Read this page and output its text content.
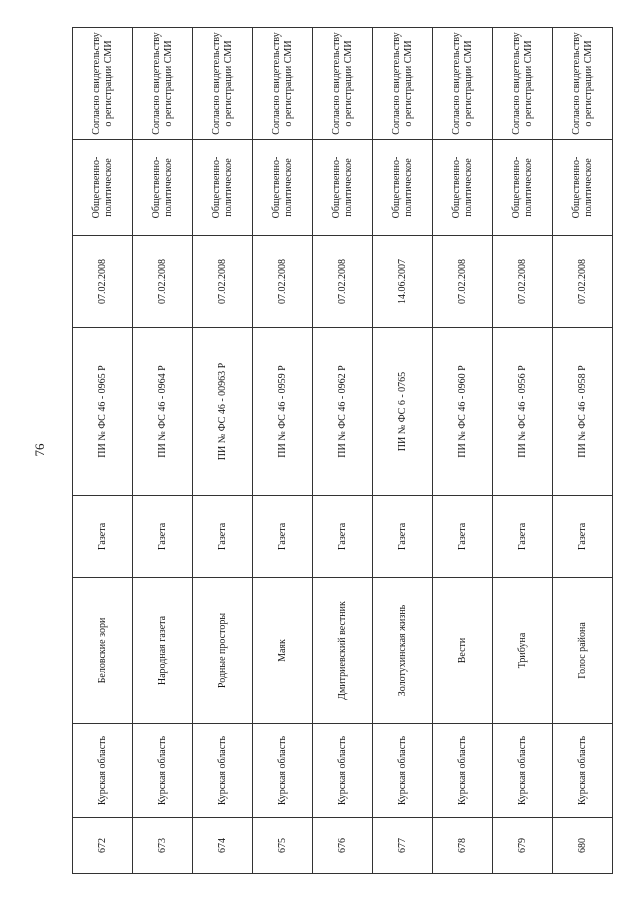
76
672	Курская область	Беловские зори	Газета	ПИ № ФС 46 - 0965 Р	07.02.2008	Общественно-политическое	Согласно свидетельству о регистрации СМИ
673	Курская область	Народная газета	Газета	ПИ № ФС 46 - 0964 Р	07.02.2008	Общественно-политическое	Согласно свидетельству о регистрации СМИ
674	Курская область	Родные просторы	Газета	ПИ № ФС 46 - 00963 Р	07.02.2008	Общественно-политическое	Согласно свидетельству о регистрации СМИ
675	Курская область	Маяк	Газета	ПИ № ФС 46 - 0959 Р	07.02.2008	Общественно-политическое	Согласно свидетельству о регистрации СМИ
676	Курская область	Дмитриевский вестник	Газета	ПИ № ФС 46 - 0962 Р	07.02.2008	Общественно-политическое	Согласно свидетельству о регистрации СМИ
677	Курская область	Золотухинская жизнь	Газета	ПИ № ФС 6 - 0765	14.06.2007	Общественно-политическое	Согласно свидетельству о регистрации СМИ
678	Курская область	Вести	Газета	ПИ № ФС 46 - 0960 Р	07.02.2008	Общественно-политическое	Согласно свидетельству о регистрации СМИ
679	Курская область	Трибуна	Газета	ПИ № ФС 46 - 0956 Р	07.02.2008	Общественно-политическое	Согласно свидетельству о регистрации СМИ
680	Курская область	Голос района	Газета	ПИ № ФС 46 - 0958 Р	07.02.2008	Общественно-политическое	Согласно свидетельству о регистрации СМИ
